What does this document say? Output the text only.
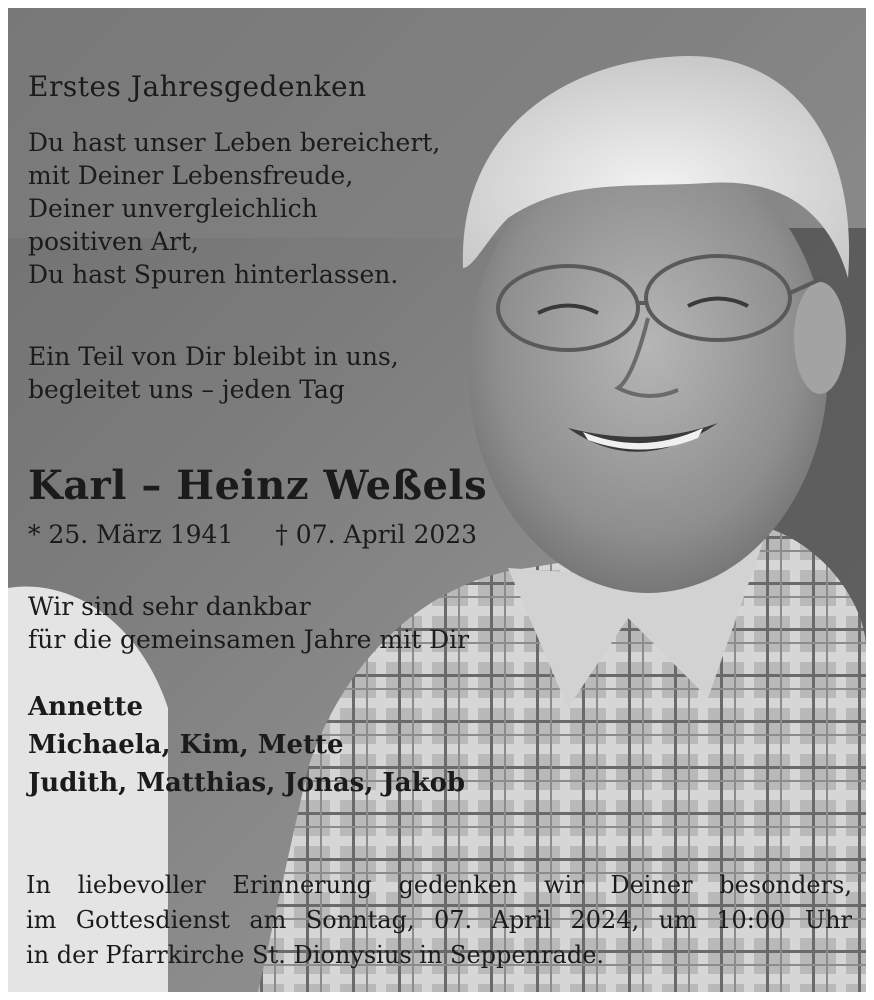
Erstes Jahresgedenken
Du hast unser Leben bereichert,
mit Deiner Lebensfreude,
Deiner unvergleichlich
positiven Art,
Du hast Spuren hinterlassen.
Ein Teil von Dir bleibt in uns,
begleitet uns – jeden Tag
Karl – Heinz Weßels
* 25. März 1941 † 07. April 2023
Wir sind sehr dankbar
für die gemeinsamen Jahre mit Dir
Annette
Michaela, Kim, Mette
Judith, Matthias, Jonas, Jakob
In liebevoller Erinnerung gedenken wir Deiner besonders,
im Gottesdienst am Sonntag, 07. April 2024, um 10:00 Uhr
in der Pfarrkirche St. Dionysius in Seppenrade.
